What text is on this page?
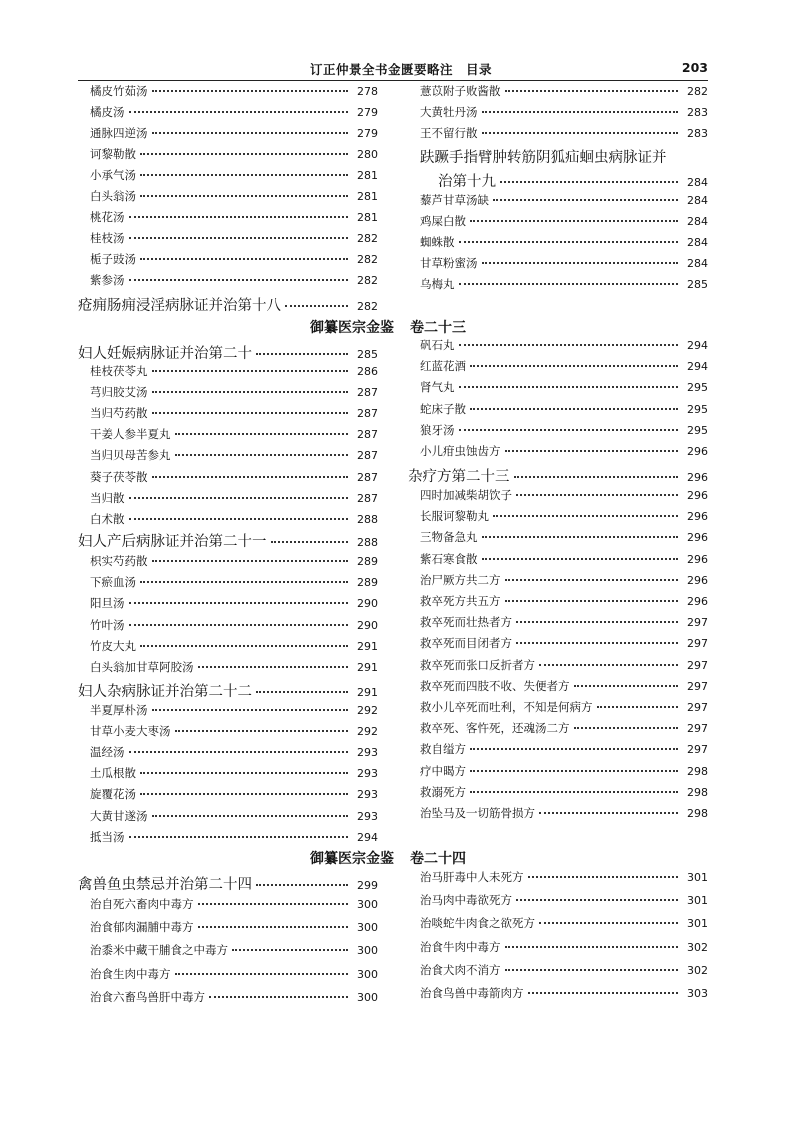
订正仲景全书金匮要略注　目录	203
橘皮竹茹汤	278
橘皮汤	279
通脉四逆汤	279
诃黎勒散	280
小承气汤	281
白头翁汤	281
桃花汤	281
桂枝汤	282
栀子豉汤	282
紫参汤	282
疮痈肠痈浸淫病脉证并治第十八	282
薏苡附子败酱散	282
大黄牡丹汤	283
王不留行散	283
趺蹶手指臂肿转筋阴狐疝蛔虫病脉证并
治第十九	284
藜芦甘草汤缺	284
鸡屎白散	284
蜘蛛散	284
甘草粉蜜汤	284
乌梅丸	285
御纂医宗金鉴 卷二十三
妇人妊娠病脉证并治第二十	285
桂枝茯苓丸	286
芎归胶艾汤	287
当归芍药散	287
干姜人参半夏丸	287
当归贝母苦参丸	287
葵子茯苓散	287
当归散	287
白术散	288
妇人产后病脉证并治第二十一	288
枳实芍药散	289
下瘀血汤	289
阳旦汤	290
竹叶汤	290
竹皮大丸	291
白头翁加甘草阿胶汤	291
妇人杂病脉证并治第二十二	291
半夏厚朴汤	292
甘草小麦大枣汤	292
温经汤	293
土瓜根散	293
旋覆花汤	293
大黄甘遂汤	293
抵当汤	294
矾石丸	294
红蓝花酒	294
肾气丸	295
蛇床子散	295
狼牙汤	295
小儿疳虫蚀齿方	296
杂疗方第二十三	296
四时加减柴胡饮子	296
长服诃黎勒丸	296
三物备急丸	296
紫石寒食散	296
治尸厥方共二方	296
救卒死方共五方	296
救卒死而壮热者方	297
救卒死而目闭者方	297
救卒死而张口反折者方	297
救卒死而四肢不收、失便者方	297
救小儿卒死而吐利，不知是何病方	297
救卒死、客忤死，还魂汤二方	297
救自缢方	297
疗中暍方	298
救溺死方	298
治坠马及一切筋骨损方	298
御纂医宗金鉴 卷二十四
禽兽鱼虫禁忌并治第二十四	299
治自死六畜肉中毒方	300
治食郁肉漏脯中毒方	300
治黍米中藏干脯食之中毒方	300
治食生肉中毒方	300
治食六畜鸟兽肝中毒方	300
治马肝毒中人未死方	301
治马肉中毒欲死方	301
治啖蛇牛肉食之欲死方	301
治食牛肉中毒方	302
治食犬肉不消方	302
治食鸟兽中毒箭肉方	303
